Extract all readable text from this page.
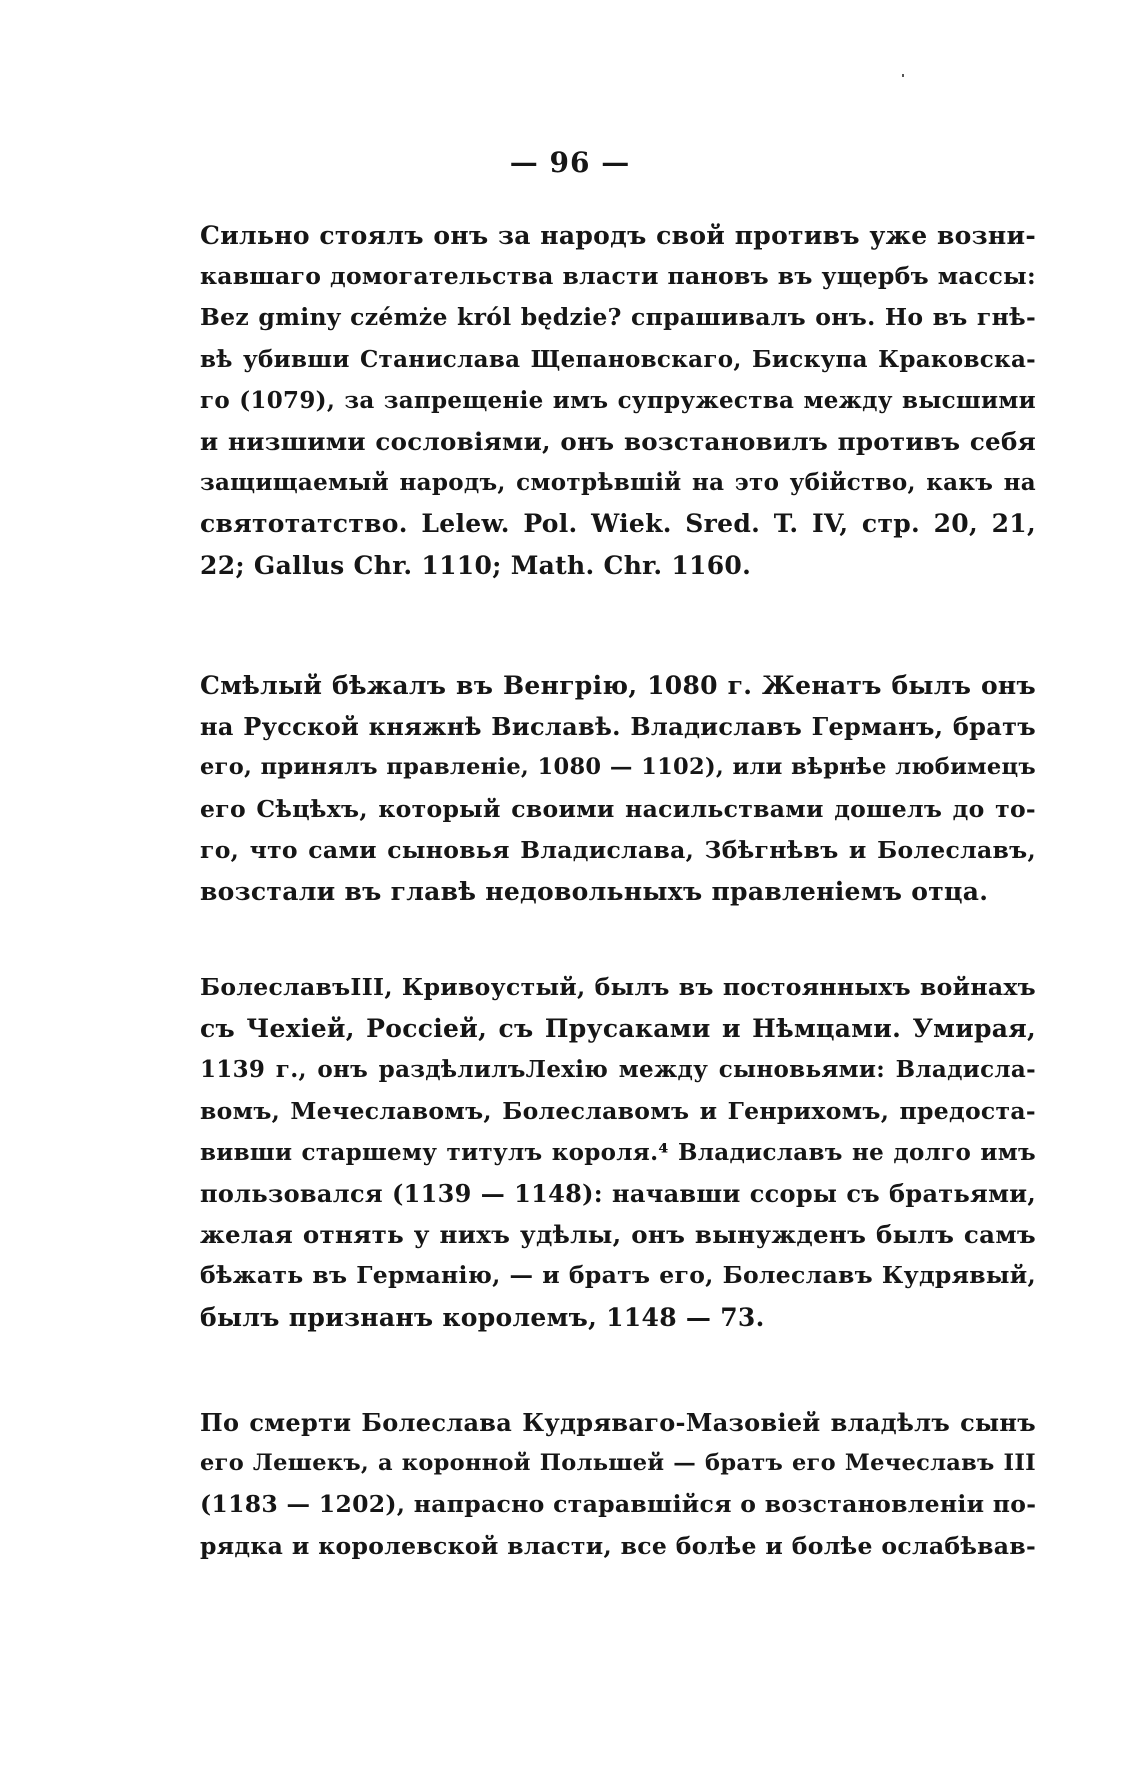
— 96 —
Сильно стоялъ онъ за народъ свой противъ уже возни-
кавшаго домогательства власти пановъ въ ущербъ массы:
Bez gminy czémże król będzie? спрашивалъ онъ. Но въ гнѣ-
вѣ убивши Станислава Щепановскаго, Бискупа Краковска-
го (1079), за запрещеніе имъ супружества между высшими
и низшими сословіями, онъ возстановилъ противъ себя
защищаемый народъ, смотрѣвшій на это убійство, какъ на
святотатство. Lelew. Pol. Wiek. Sred. T. IV, стр. 20, 21,
22; Gallus Chr. 1110; Math. Chr. 1160.
Смѣлый бѣжалъ въ Венгрію, 1080 г. Женатъ былъ онъ
на Русской княжнѣ Виславѣ. Владиславъ Германъ, братъ
его, принялъ правленіе, 1080 — 1102), или вѣрнѣе любимецъ
его Сѣцѣхъ, который своими насильствами дошелъ до то-
го, что сами сыновья Владислава, Збѣгнѣвъ и Болеславъ,
возстали въ главѣ недовольныхъ правленіемъ отца.
БолеславъIII, Кривоустый, былъ въ постоянныхъ войнахъ
съ Чехіей, Россіей, съ Прусаками и Нѣмцами. Умирая,
1139 г., онъ раздѣлилъЛехію между сыновьями: Владисла-
вомъ, Мечеславомъ, Болеславомъ и Генрихомъ, предоста-
вивши старшему титулъ короля.⁴ Владиславъ не долго имъ
пользовался (1139 — 1148): начавши ссоры съ братьями,
желая отнять у нихъ удѣлы, онъ вынужденъ былъ самъ
бѣжать въ Германію, — и братъ его, Болеславъ Кудрявый,
былъ признанъ королемъ, 1148 — 73.
По смерти Болеслава Кудряваго-Мазовіей владѣлъ сынъ
его Лешекъ, а коронной Польшей — братъ его Мечеславъ III
(1183 — 1202), напрасно старавшійся о возстановленіи по-
рядка и королевской власти, все болѣе и болѣе ослабѣвав-
